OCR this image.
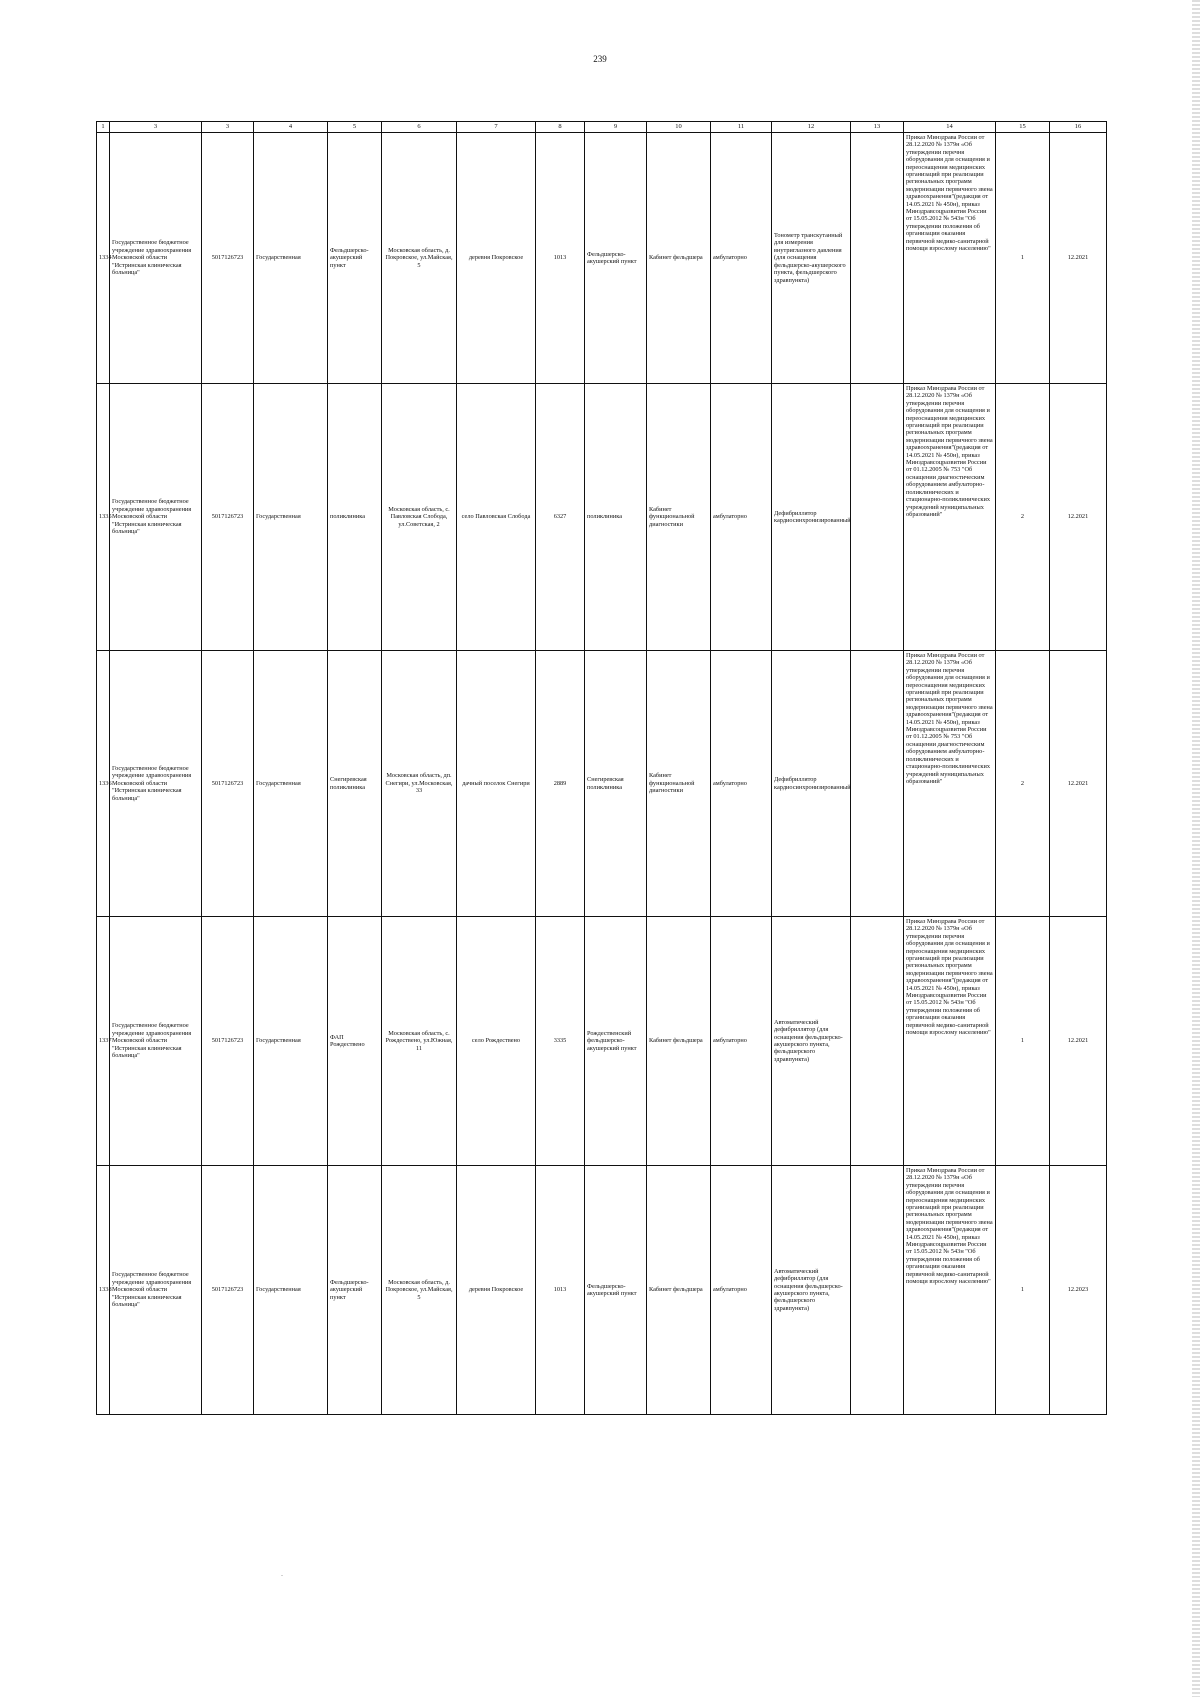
239
1	3	3	4	5	6	7	8	9	10	11	12	13	14	15	16
1334	Государственное бюджетное учреждение здравоохранения Московской области "Истринская клиническая больница"	5017126723	Государственная	Фельдшерско-акушерский пункт	Московская область, д. Покровское, ул.Майская, 5	деревня Покровское	1013	Фельдшерско-акушерский пункт	Кабинет фельдшера	амбулаторно	Тонометр транскутанный для измерения внутриглазного давления (для оснащения фельдшерско-акушерского пункта, фельдшерского здравпункта)		Приказ Минздрава России от 28.12.2020 № 1379н «Об утверждении перечня оборудования для оснащения и переоснащения медицинских организаций при реализации региональных программ модернизации первичного звена здравоохранения"(редакция от 14.05.2021 № 450н), приказ Минздравсоцразвития России от 15.05.2012 № 543н "Об утверждении положения об организации оказания первичной медико-санитарной помощи взрослому населению"	1	12.2021
1335	Государственное бюджетное учреждение здравоохранения Московской области "Истринская клиническая больница"	5017126723	Государственная	поликлиника	Московская область, с. Павловская Слобода, ул.Советская, 2	село Павловская Слобода	6327	поликлиника	Кабинет функциональной диагностики	амбулаторно	Дефибриллятор кардиосинхронизированный		Приказ Минздрава России от 28.12.2020 № 1379н «Об утверждении перечня оборудования для оснащения и переоснащения медицинских организаций при реализации региональных программ модернизации первичного звена здравоохранения"(редакция от 14.05.2021 № 450н), приказ Минздравсоцразвития России от 01.12.2005 № 753 "Об оснащении диагностическим оборудованием амбулаторно-поликлинических и стационарно-поликлинических учреждений муниципальных образований"	2	12.2021
1336	Государственное бюджетное учреждение здравоохранения Московской области "Истринская клиническая больница"	5017126723	Государственная	Снегиревская поликлиника	Московская область, дп. Снегири, ул.Московская, 33	дачный поселок Снегири	2889	Снегиревская поликлиника	Кабинет функциональной диагностики	амбулаторно	Дефибриллятор кардиосинхронизированный		Приказ Минздрава России от 28.12.2020 № 1379н «Об утверждении перечня оборудования для оснащения и переоснащения медицинских организаций при реализации региональных программ модернизации первичного звена здравоохранения"(редакция от 14.05.2021 № 450н), приказ Минздравсоцразвития России от 01.12.2005 № 753 "Об оснащении диагностическим оборудованием амбулаторно-поликлинических и стационарно-поликлинических учреждений муниципальных образований"	2	12.2021
1337	Государственное бюджетное учреждение здравоохранения Московской области "Истринская клиническая больница"	5017126723	Государственная	ФАП Рождествено	Московская область, с. Рождествено, ул.Южная, 11	село Рождествено	3335	Рождественский фельдшерско-акушерский пункт	Кабинет фельдшера	амбулаторно	Автоматический дефибриллятор (для оснащения фельдшерско-акушерского пункта, фельдшерского здравпункта)		Приказ Минздрава России от 28.12.2020 № 1379н «Об утверждении перечня оборудования для оснащения и переоснащения медицинских организаций при реализации региональных программ модернизации первичного звена здравоохранения"(редакция от 14.05.2021 № 450н), приказ Минздравсоцразвития России от 15.05.2012 № 543н "Об утверждении положения об организации оказания первичной медико-санитарной помощи взрослому населению"	1	12.2021
1338	Государственное бюджетное учреждение здравоохранения Московской области "Истринская клиническая больница"	5017126723	Государственная	Фельдшерско-акушерский пункт	Московская область, д. Покровское, ул.Майская, 5	деревня Покровское	1013	Фельдшерско-акушерский пункт	Кабинет фельдшера	амбулаторно	Автоматический дефибриллятор (для оснащения фельдшерско-акушерского пункта, фельдшерского здравпункта)		Приказ Минздрава России от 28.12.2020 № 1379н «Об утверждении перечня оборудования для оснащения и переоснащения медицинских организаций при реализации региональных программ модернизации первичного звена здравоохранения"(редакция от 14.05.2021 № 450н), приказ Минздравсоцразвития России от 15.05.2012 № 543н "Об утверждении положения об организации оказания первичной медико-санитарной помощи взрослому населению"	1	12.2023
-
